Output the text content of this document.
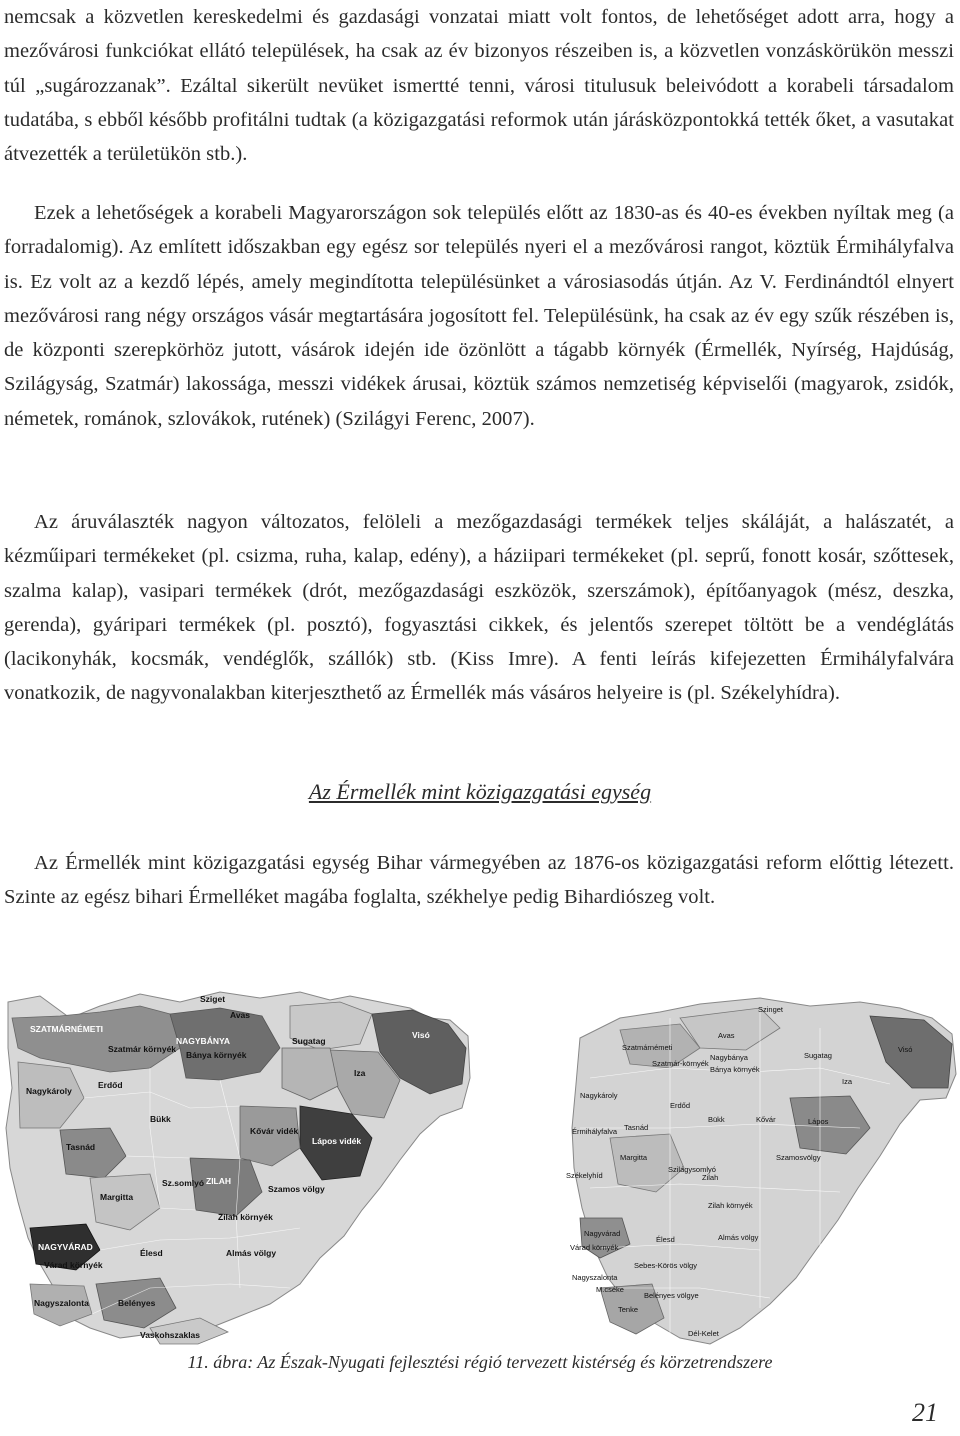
nemcsak a közvetlen kereskedelmi és gazdasági vonzatai miatt volt fontos, de lehetőséget adott arra, hogy a mezővárosi funkciókat ellátó települések, ha csak az év bizonyos részeiben is, a közvetlen vonzáskörükön messzi túl „sugározzanak”. Ezáltal sikerült nevüket ismertté tenni, városi titulusuk beleivódott a korabeli társadalom tudatába, s ebből később profitálni tudtak (a közigazgatási reformok után járásközpontokká tették őket, a vasutakat átvezették a területükön stb.).

Ezek a lehetőségek a korabeli Magyarországon sok település előtt az 1830-as és 40-es években nyíltak meg (a forradalomig). Az említett időszakban egy egész sor település nyeri el a mezővárosi rangot, köztük Érmihályfalva is. Ez volt az a kezdő lépés, amely megindította településünket a városiasodás útján. Az V. Ferdinándtól elnyert mezővárosi rang négy országos vásár megtartására jogosított fel. Településünk, ha csak az év egy szűk részében is, de központi szerepkörhöz jutott, vásárok idején ide özönlött a tágabb környék (Érmellék, Nyírség, Hajdúság, Szilágyság, Szatmár) lakossága, messzi vidékek árusai, köztük számos nemzetiség képviselői (magyarok, zsidók, németek, románok, szlovákok, rutének) (Szilágyi Ferenc, 2007).

Az áruválaszték nagyon változatos, felöleli a mezőgazdasági termékek teljes skáláját, a halászatét, a kézműipari termékeket (pl. csizma, ruha, kalap, edény), a háziipari termékeket (pl. seprű, fonott kosár, szőttesek, szalma kalap), vasipari termékek (drót, mezőgazdasági eszközök, szerszámok), építőanyagok (mész, deszka, gerenda), gyáripari termékek (pl. posztó), fogyasztási cikkek, és jelentős szerepet töltött be a vendéglátás (lacikonyhák, kocsmák, vendéglők, szállók) stb. (Kiss Imre). A fenti leírás kifejezetten Érmihályfalvára vonatkozik, de nagyvonalakban kiterjeszthető az Érmellék más vásáros helyeire is (pl. Székelyhídra).

Az Érmellék mint közigazgatási egység

Az Érmellék mint közigazgatási egység Bihar vármegyében az 1876-os közigazgatási reform előttig létezett. Szinte az egész bihari Érmelléket magába foglalta, székhelye pedig Bihardiószeg volt.

Sziget
Avas
Visó
SZATMÁRNÉMETI
Szatmár környék
NAGYBÁNYA
Bánya környék
Sugatag
Iza
Nagykároly
Erdőd
Tasnád
Bükk
Kővár vidék
Lápos vidék
Margitta
Sz.somlyó ZILAH
Zilah környék
Szamos völgy
NAGYVÁRAD
Várad környék
Élesd	Almás völgy
Nagyszalonta	Belényes
Vaskohszaklas
Avas
Szinget
Visó
Szatmárnémeti
Szatmár-környék
Nagybánya
Bánya környék
Sugatag
Iza
Nagykároly
Erdőd
Bükk	Kővár	Lápos
Érmihályfalva Tasnád
Margitta
Székelyhíd
Szilágysomlyó
Zilah
Zilah környék
Szamosvölgy
Nagyvárad
Várad környék
Élesd	Almás völgy
Nagyszalonta
Sebes-Körös völgy
M.cséke
Tenke
Belényes völgye
Dél-Kelet

11. ábra: Az Észak-Nyugati fejlesztési régió tervezett kistérség és körzetrendszere

21
